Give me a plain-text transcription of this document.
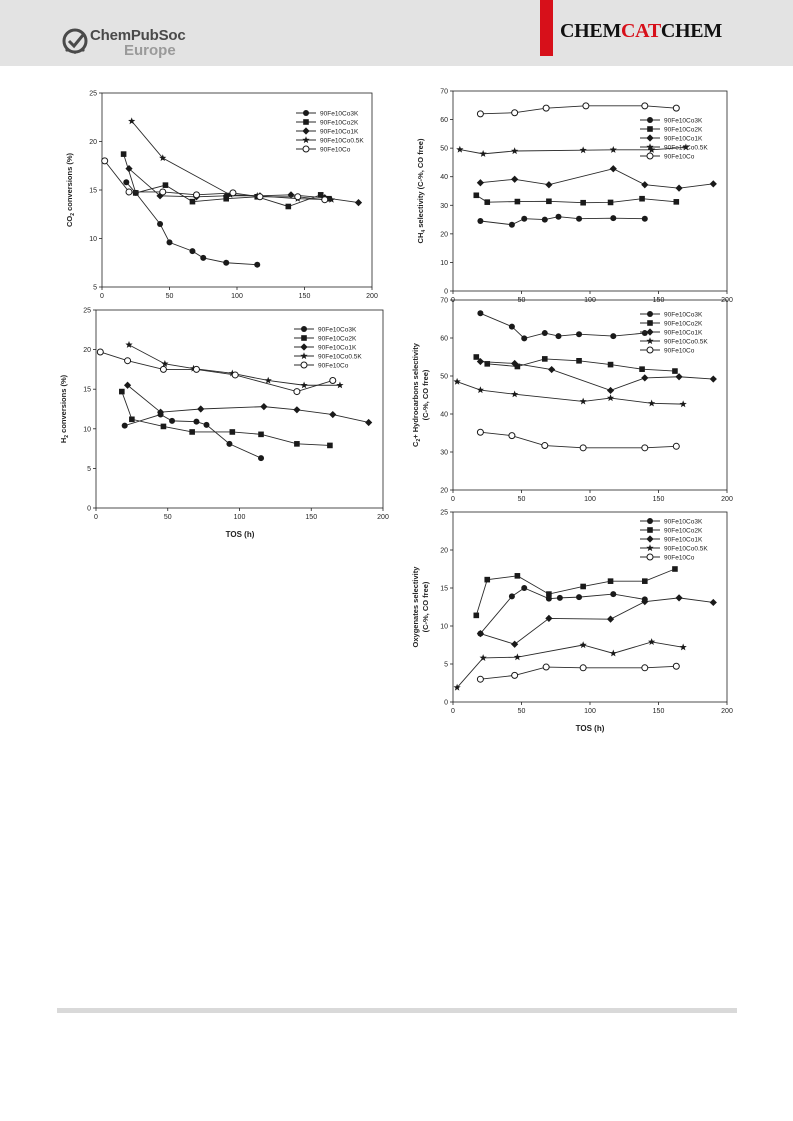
ChemPubSoc
Europe
CHEMCATCHEM
0	50	100	150	200
5
10
15
20
25
$CO_2$ conversions (%)
90Fe10Co3K
90Fe10Co2K
90Fe10Co1K
90Fe10Co0.5K
90Fe10Co
0	50	100	150	200
0
5
10
15
20
25
$H_2$ conversions (%)
TOS (h)
90Fe10Co3K
90Fe10Co2K
90Fe10Co1K
90Fe10Co0.5K
90Fe10Co
0	50	100	150	200
0
10
20
30
40
50
60
70
$CH_4$ selectivity (C-%, CO free)
90Fe10Co3K
90Fe10Co2K
90Fe10Co1K
90Fe10Co0.5K
90Fe10Co
0	50	100	150	200
20
30
40
50
60
70
$C_2+$ Hydrocarbons selectivity (C-%, CO free)
90Fe10Co3K
90Fe10Co2K
90Fe10Co1K
90Fe10Co0.5K
90Fe10Co
0	50	100	150	200
0
5
10
15
20
25
Oxygenates selectivity (C-%, CO free)
TOS (h)
90Fe10Co3K
90Fe10Co2K
90Fe10Co1K
90Fe10Co0.5K
90Fe10Co
